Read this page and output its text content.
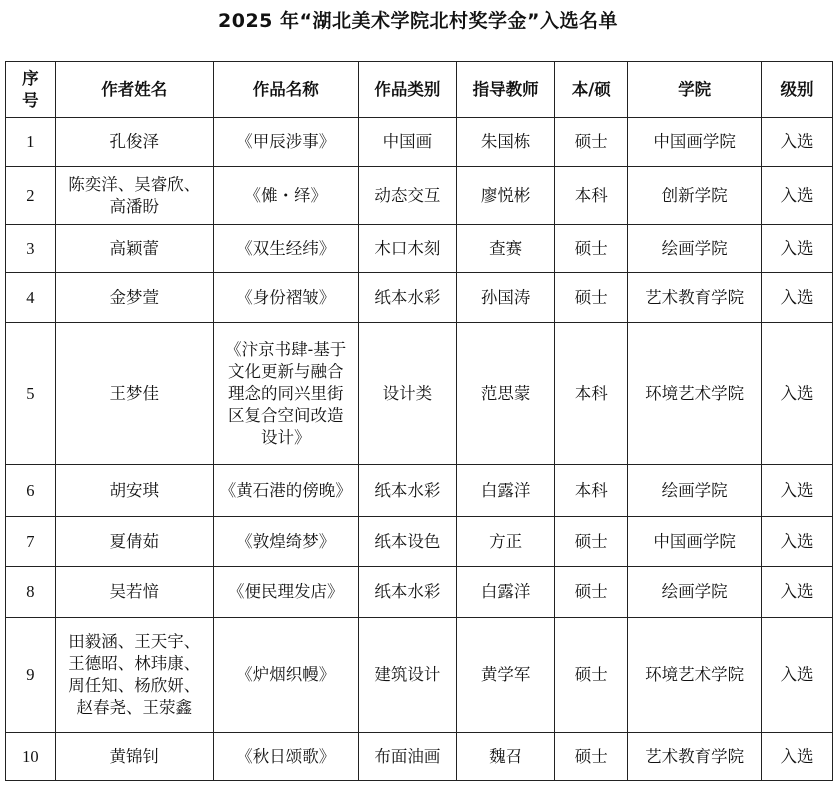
2025 年“湖北美术学院北村奖学金”入选名单
序号	作者姓名	作品名称	作品类别	指导教师	本/硕	学院	级别
1	孔俊泽	《甲辰涉事》	中国画	朱国栋	硕士	中国画学院	入选
2	陈奕洋、吴睿欣、高潘盼	《傩・绎》	动态交互	廖悦彬	本科	创新学院	入选
3	高颖蕾	《双生经纬》	木口木刻	查赛	硕士	绘画学院	入选
4	金梦萱	《身份褶皱》	纸本水彩	孙国涛	硕士	艺术教育学院	入选
5	王梦佳	《汴京书肆-基于文化更新与融合理念的同兴里街区复合空间改造设计》	设计类	范思蒙	本科	环境艺术学院	入选
6	胡安琪	《黄石港的傍晚》	纸本水彩	白露洋	本科	绘画学院	入选
7	夏倩茹	《敦煌绮梦》	纸本设色	方正	硕士	中国画学院	入选
8	吴若愔	《便民理发店》	纸本水彩	白露洋	硕士	绘画学院	入选
9	田毅涵、王天宇、王德昭、林玮康、周任知、杨欣妍、赵春尧、王荥鑫	《炉烟织幔》	建筑设计	黄学军	硕士	环境艺术学院	入选
10	黄锦钊	《秋日颂歌》	布面油画	魏召	硕士	艺术教育学院	入选
